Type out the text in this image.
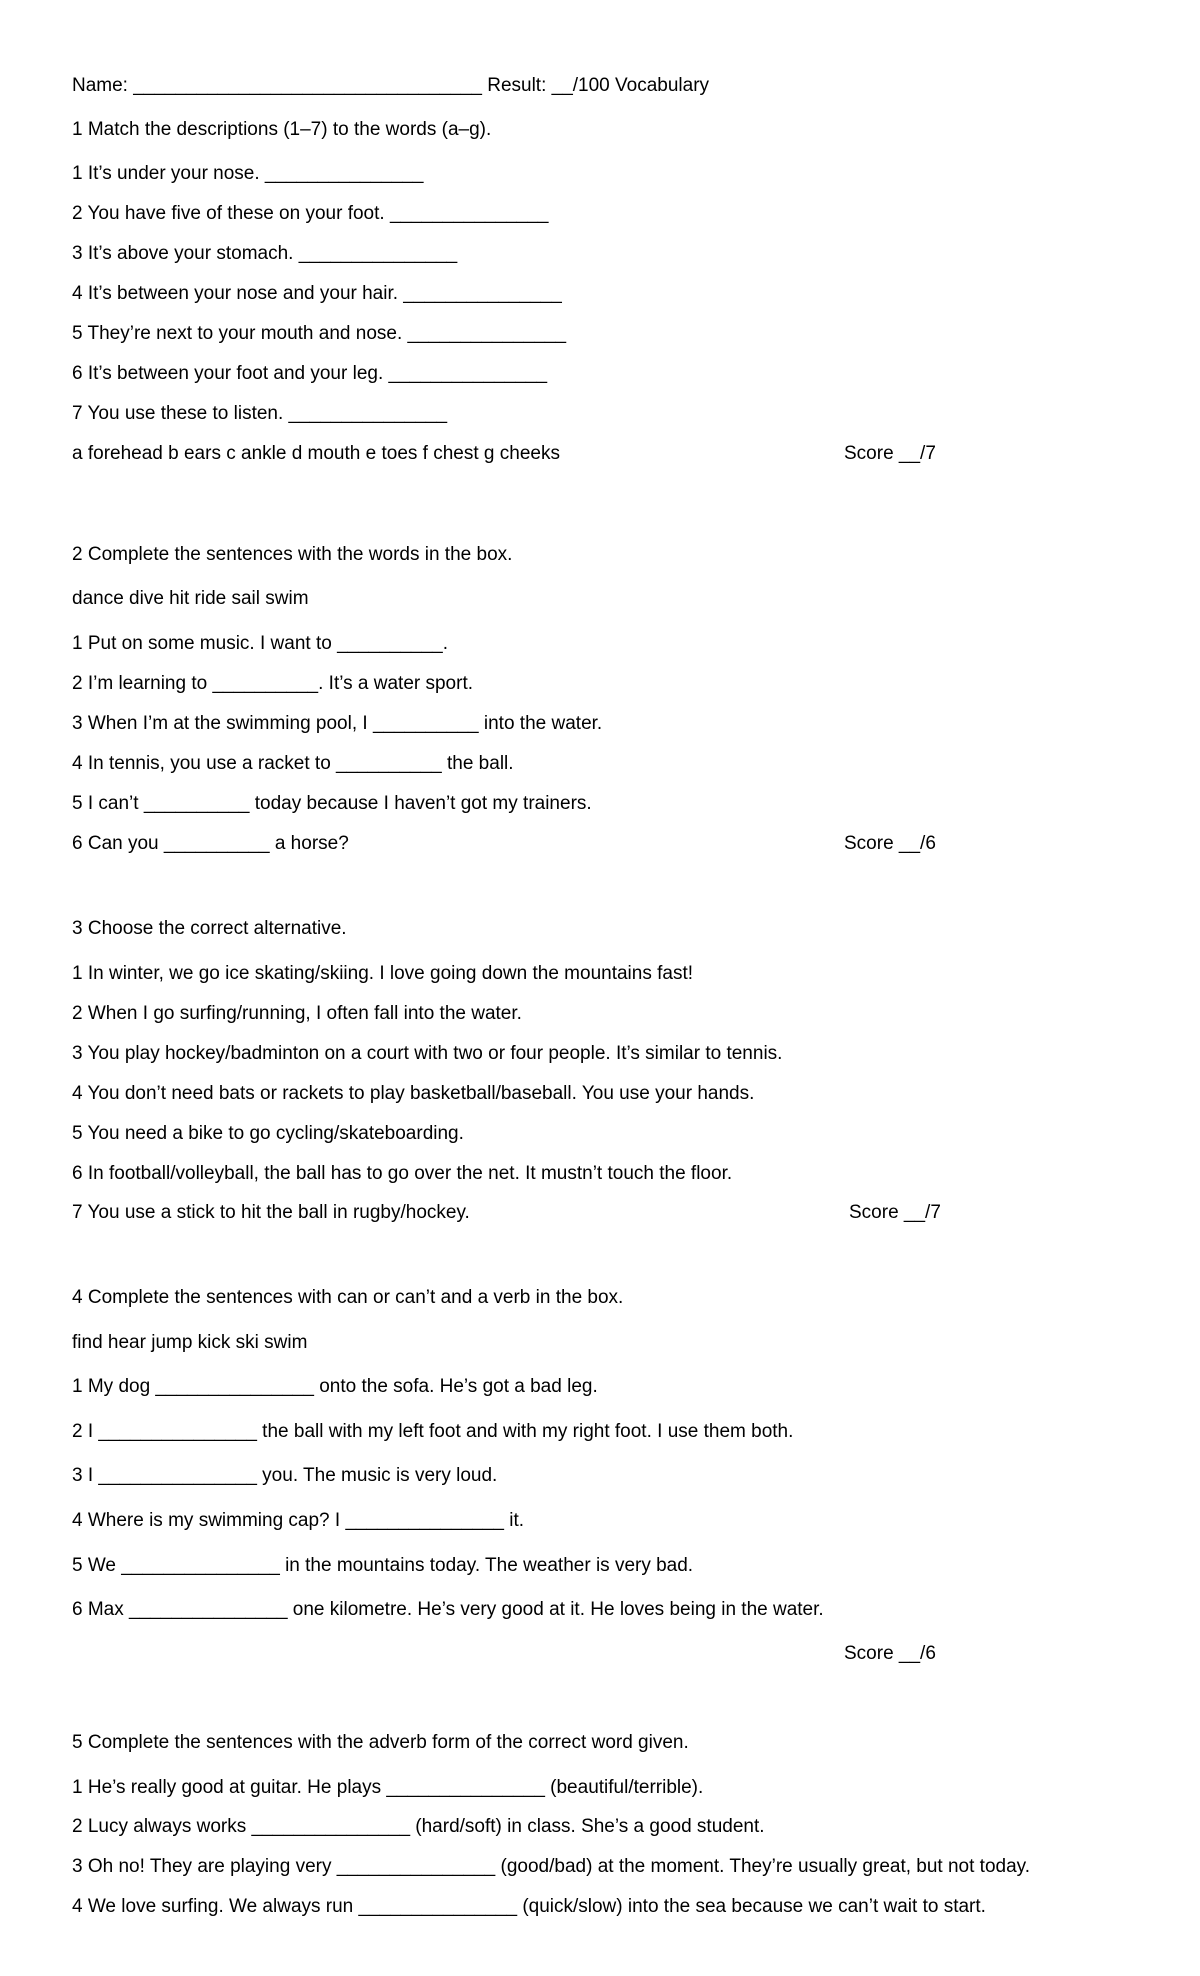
Name: _________________________________ Result: __/100 Vocabulary
1 Match the descriptions (1–7) to the words (a–g).
1 It’s under your nose. _______________
2 You have five of these on your foot. _______________
3 It’s above your stomach. _______________
4 It’s between your nose and your hair. _______________
5 They’re next to your mouth and nose. _______________
6 It’s between your foot and your leg. _______________
7 You use these to listen. _______________
a forehead b ears c ankle d mouth e toes f chest g cheeks	Score __/7
2 Complete the sentences with the words in the box.
dance dive hit ride sail swim
1 Put on some music. I want to __________.
2 I’m learning to __________. It’s a water sport.
3 When I’m at the swimming pool, I __________ into the water.
4 In tennis, you use a racket to __________ the ball.
5 I can’t __________ today because I haven’t got my trainers.
6 Can you __________ a horse?	Score __/6
3 Choose the correct alternative.
1 In winter, we go ice skating/skiing. I love going down the mountains fast!
2 When I go surfing/running, I often fall into the water.
3 You play hockey/badminton on a court with two or four people. It’s similar to tennis.
4 You don’t need bats or rackets to play basketball/baseball. You use your hands.
5 You need a bike to go cycling/skateboarding.
6 In football/volleyball, the ball has to go over the net. It mustn’t touch the floor.
7 You use a stick to hit the ball in rugby/hockey.	Score __/7
4 Complete the sentences with can or can’t and a verb in the box.
find hear jump kick ski swim
1 My dog _______________ onto the sofa. He’s got a bad leg.
2 I _______________ the ball with my left foot and with my right foot. I use them both.
3 I _______________ you. The music is very loud.
4 Where is my swimming cap? I _______________ it.
5 We _______________ in the mountains today. The weather is very bad.
6 Max _______________ one kilometre. He’s very good at it. He loves being in the water.
Score __/6
5 Complete the sentences with the adverb form of the correct word given.
1 He’s really good at guitar. He plays _______________ (beautiful/terrible).
2 Lucy always works _______________ (hard/soft) in class. She’s a good student.
3 Oh no! They are playing very _______________ (good/bad) at the moment. They’re usually great, but not today.
4 We love surfing. We always run _______________ (quick/slow) into the sea because we can’t wait to start.
